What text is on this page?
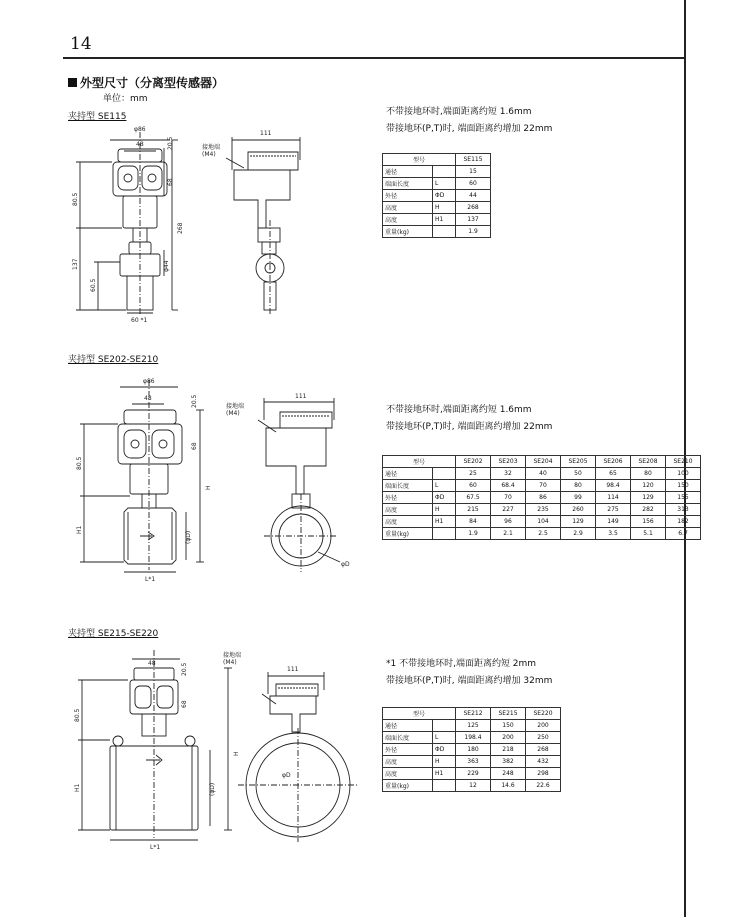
14
外型尺寸（分离型传感器）
单位：mm
夹持型 SE115
夹持型 SE202-SE210
夹持型 SE215-SE220
不带接地环时,端面距离约短 1.6mm
带接地环(P,T)时, 端面距离约增加 22mm
不带接地环时,端面距离约短 1.6mm
带接地环(P,T)时, 端面距离约增加 22mm
*1 不带接地环时,端面距离约短 2mm
带接地环(P,T)时, 端面距离约增加 32mm
型号		SE115
通径		15
端面长度	L	60
外径	ΦD	44
高度	H	268
高度	H1	137
重量(kg)		1.9
型号		SE202	SE203	SE204	SE205	SE206	SE208	SE210
通径		25	32	40	50	65	80	100
端面长度	L	60	68.4	70	80	98.4	120	150
外径	ΦD	67.5	70	86	99	114	129	155
高度	H	215	227	235	260	275	282	313
高度	H1	84	96	104	129	149	156	182
重量(kg)		1.9	2.1	2.5	2.9	3.5	5.1	6.7
型号		SE212	SE215	SE220
通径		125	150	200
端面长度	L	198.4	200	250
外径	ΦD	180	218	268
高度	H	363	382	432
高度	H1	229	248	298
重量(kg)		12	14.6	22.6
φ86
48	20.5
68
80.5
268
137
60.5
φ44
60 *1
111
接地端
(M4)
φ86
48	20.5
68
80.5
H1
H
(φD)
L*1
111
接地端
(M4)
φD
48	20.5
68
80.5
H1
H
(φD)
L*1
111
接地端
(M4)
φD
